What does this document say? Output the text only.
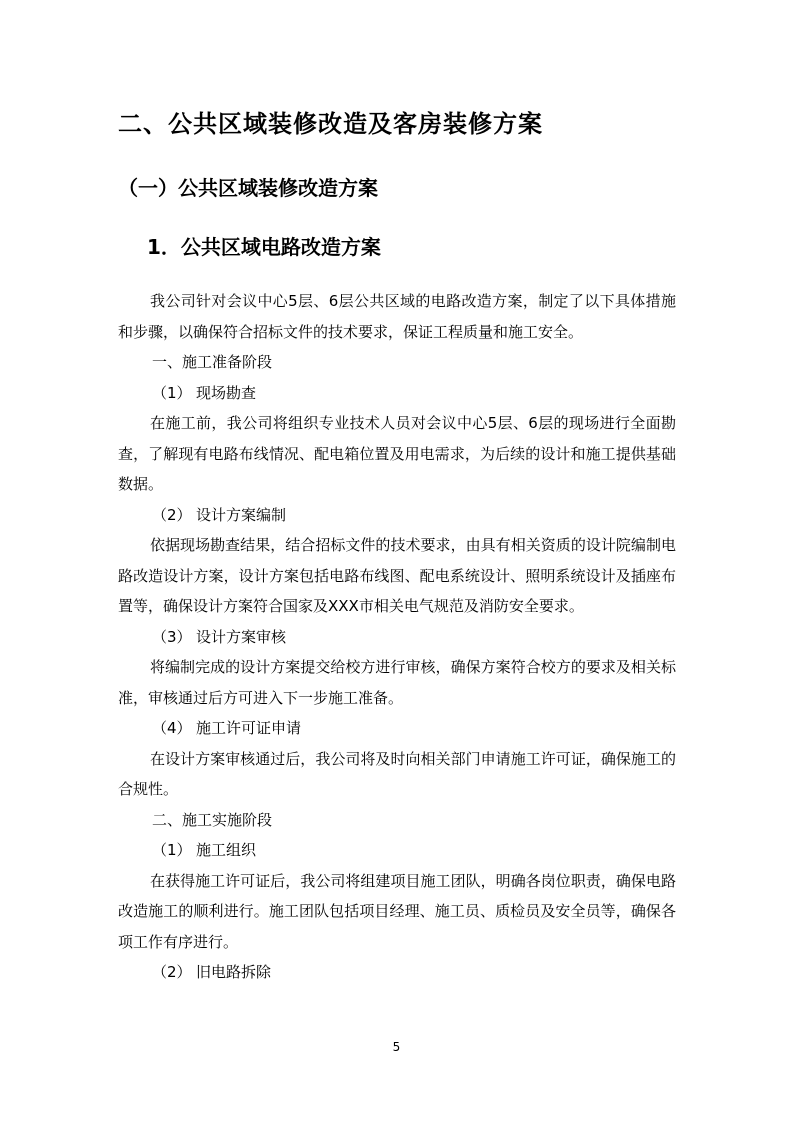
二、公共区域装修改造及客房装修方案
（一）公共区域装修改造方案
1．公共区域电路改造方案

我公司针对会议中心5层、6层公共区域的电路改造方案，制定了以下具体措施和步骤，以确保符合招标文件的技术要求，保证工程质量和施工安全。

一、施工准备阶段

（1） 现场勘查

在施工前，我公司将组织专业技术人员对会议中心5层、6层的现场进行全面勘查，了解现有电路布线情况、配电箱位置及用电需求，为后续的设计和施工提供基础数据。

（2） 设计方案编制

依据现场勘查结果，结合招标文件的技术要求，由具有相关资质的设计院编制电路改造设计方案，设计方案包括电路布线图、配电系统设计、照明系统设计及插座布置等，确保设计方案符合国家及XXX市相关电气规范及消防安全要求。

（3） 设计方案审核

将编制完成的设计方案提交给校方进行审核，确保方案符合校方的要求及相关标准，审核通过后方可进入下一步施工准备。

（4） 施工许可证申请

在设计方案审核通过后，我公司将及时向相关部门申请施工许可证，确保施工的合规性。

二、施工实施阶段

（1） 施工组织

在获得施工许可证后，我公司将组建项目施工团队，明确各岗位职责，确保电路改造施工的顺利进行。施工团队包括项目经理、施工员、质检员及安全员等，确保各项工作有序进行。

（2） 旧电路拆除

5
